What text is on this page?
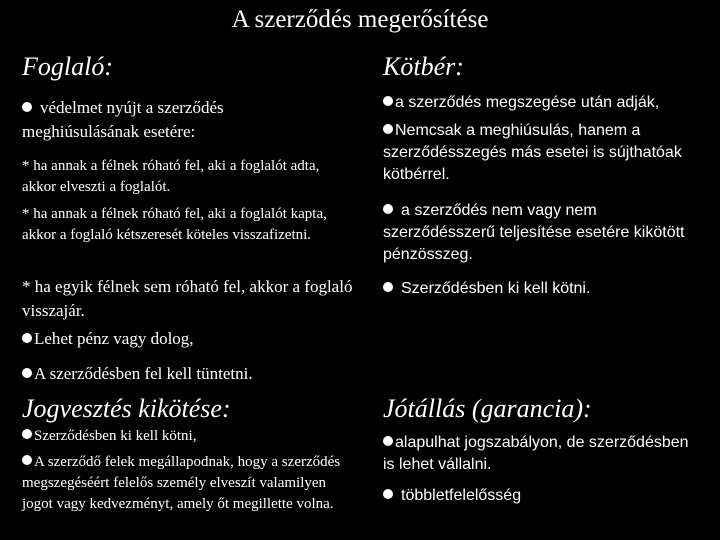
A szerződés megerősítése
Foglaló:
védelmet nyújt a szerződés meghiúsulásának esetére:
* ha annak a félnek róható fel, aki a foglalót adta, akkor elveszti a foglalót.
* ha annak a félnek róható fel, aki a foglalót kapta, akkor a foglaló kétszeresét köteles visszafizetni.
* ha egyik félnek sem róható fel, akkor a foglaló visszajár.
Lehet pénz vagy dolog,
A szerződésben fel kell tüntetni.
Jogvesztés kikötése:
Szerződésben ki kell kötni,
A szerződő felek megállapodnak, hogy a szerződés megszegéséért felelős személy elveszít valamilyen jogot vagy kedvezményt, amely őt megillette volna.
Kötbér:
a szerződés megszegése után adják,
Nemcsak a meghiúsulás, hanem a szerződésszegés más esetei is sújthatóak kötbérrel.
a szerződés nem vagy nem szerződésszerű teljesítése esetére kikötött pénzösszeg.
Szerződésben ki kell kötni.
Jótállás (garancia):
alapulhat jogszabályon, de szerződésben is lehet vállalni.
többletfelelősség
